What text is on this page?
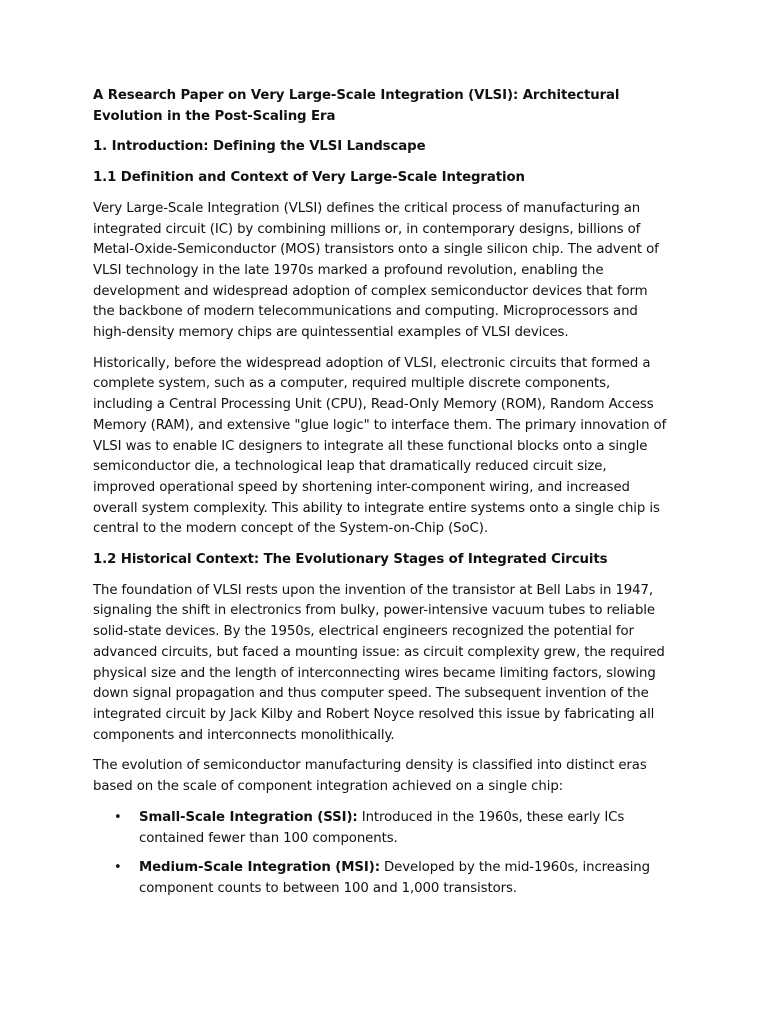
A Research Paper on Very Large-Scale Integration (VLSI): Architectural Evolution in the Post-Scaling Era

1. Introduction: Defining the VLSI Landscape

1.1 Definition and Context of Very Large-Scale Integration

Very Large-Scale Integration (VLSI) defines the critical process of manufacturing an integrated circuit (IC) by combining millions or, in contemporary designs, billions of Metal-Oxide-Semiconductor (MOS) transistors onto a single silicon chip. The advent of VLSI technology in the late 1970s marked a profound revolution, enabling the development and widespread adoption of complex semiconductor devices that form the backbone of modern telecommunications and computing. Microprocessors and high-density memory chips are quintessential examples of VLSI devices.

Historically, before the widespread adoption of VLSI, electronic circuits that formed a complete system, such as a computer, required multiple discrete components, including a Central Processing Unit (CPU), Read-Only Memory (ROM), Random Access Memory (RAM), and extensive "glue logic" to interface them. The primary innovation of VLSI was to enable IC designers to integrate all these functional blocks onto a single semiconductor die, a technological leap that dramatically reduced circuit size, improved operational speed by shortening inter-component wiring, and increased overall system complexity. This ability to integrate entire systems onto a single chip is central to the modern concept of the System-on-Chip (SoC).

1.2 Historical Context: The Evolutionary Stages of Integrated Circuits

The foundation of VLSI rests upon the invention of the transistor at Bell Labs in 1947, signaling the shift in electronics from bulky, power-intensive vacuum tubes to reliable solid-state devices. By the 1950s, electrical engineers recognized the potential for advanced circuits, but faced a mounting issue: as circuit complexity grew, the required physical size and the length of interconnecting wires became limiting factors, slowing down signal propagation and thus computer speed. The subsequent invention of the integrated circuit by Jack Kilby and Robert Noyce resolved this issue by fabricating all components and interconnects monolithically.

The evolution of semiconductor manufacturing density is classified into distinct eras based on the scale of component integration achieved on a single chip:

• Small-Scale Integration (SSI): Introduced in the 1960s, these early ICs contained fewer than 100 components.
• Medium-Scale Integration (MSI): Developed by the mid-1960s, increasing component counts to between 100 and 1,000 transistors.
